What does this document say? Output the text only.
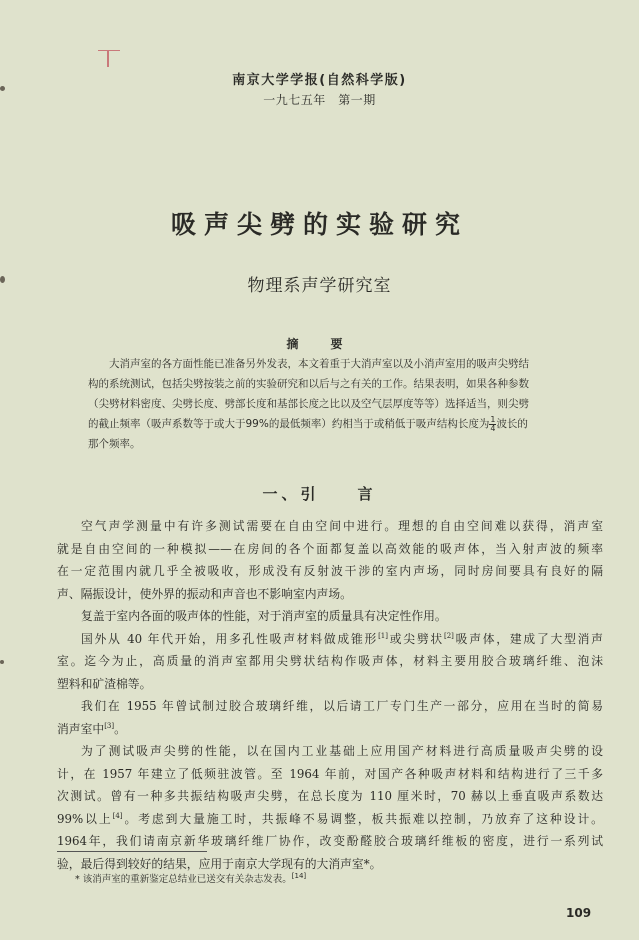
南京大学学报(自然科学版)
一九七五年　第一期
吸声尖劈的实验研究
物理系声学研究室
摘　要
大消声室的各方面性能已准备另外发表，本文着重于大消声室以及小消声室用的吸声尖劈结
构的系统测试，包括尖劈按装之前的实验研究和以后与之有关的工作。结果表明，如果各种参数
（尖劈材料密度、尖劈长度、劈部长度和基部长度之比以及空气层厚度等等）选择适当，则尖劈
的截止频率（吸声系数等于或大于99%的最低频率）约相当于或稍低于吸声结构长度为 $\frac{1}{4}$ 波长的
那个频率。
一、引　　言
空气声学测量中有许多测试需要在自由空间中进行。理想的自由空间难以获得，消声室
就是自由空间的一种模拟——在房间的各个面都复盖以高效能的吸声体，当入射声波的频率
在一定范围内就几乎全被吸收，形成没有反射波干涉的室内声场，同时房间要具有良好的隔
声、隔振设计，使外界的振动和声音也不影响室内声场。
复盖于室内各面的吸声体的性能，对于消声室的质量具有决定性作用。
国外从 40 年代开始，用多孔性吸声材料做成锥形[1]或尖劈状[2]吸声体，建成了大型消声
室。迄今为止，高质量的消声室都用尖劈状结构作吸声体，材料主要用胶合玻璃纤维、泡沫
塑料和矿渣棉等。
我们在 1955 年曾试制过胶合玻璃纤维，以后请工厂专门生产一部分，应用在当时的简易
消声室中[3]。
为了测试吸声尖劈的性能，以在国内工业基础上应用国产材料进行高质量吸声尖劈的设
计，在 1957 年建立了低频驻波管。至 1964 年前，对国产各种吸声材料和结构进行了三千多
次测试。曾有一种多共振结构吸声尖劈，在总长度为 110 厘米时，70 赫以上垂直吸声系数达
99%以上[4]。考虑到大量施工时，共振峰不易调整，板共振难以控制，乃放弃了这种设计。
1964年，我们请南京新华玻璃纤维厂协作，改变酚醛胶合玻璃纤维板的密度，进行一系列试
验，最后得到较好的结果，应用于南京大学现有的大消声室*。
* 该消声室的重新鉴定总结业已送交有关杂志发表。[14]
109
